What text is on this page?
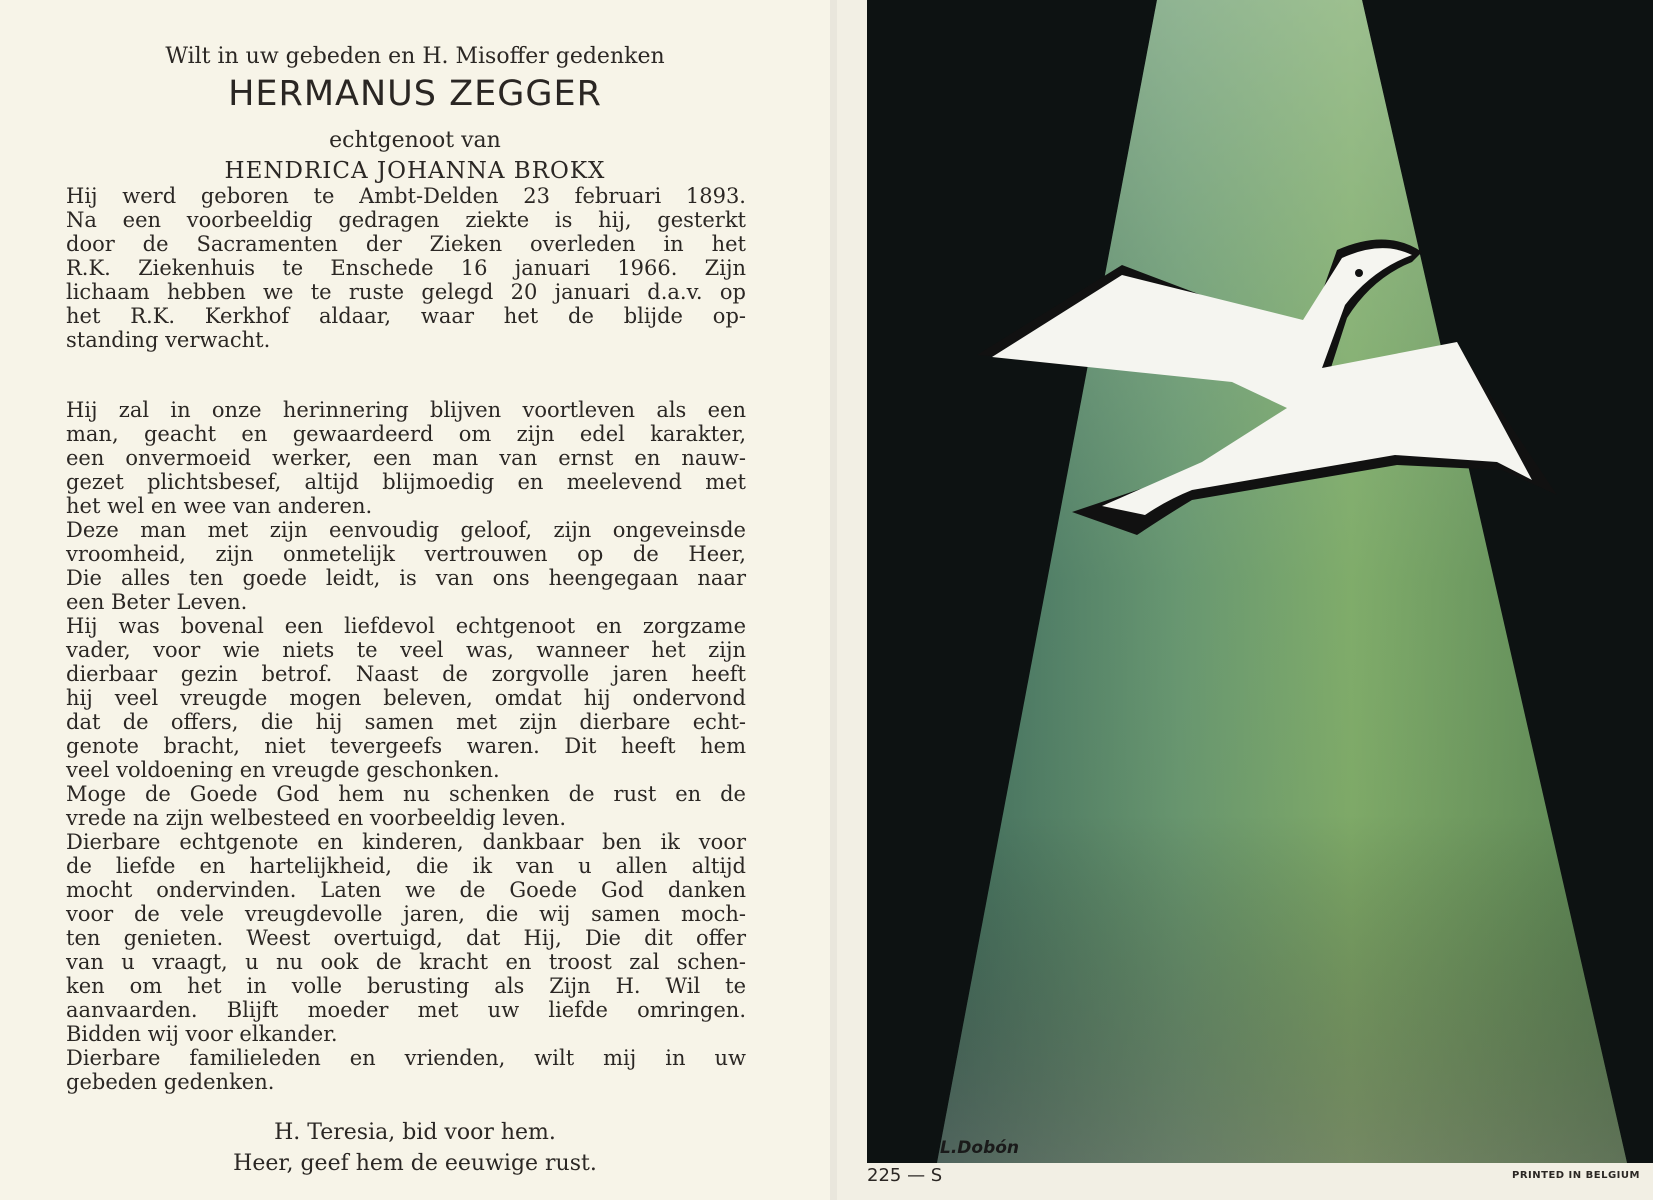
Wilt in uw gebeden en H. Misoffer gedenken
HERMANUS ZEGGER
echtgenoot van
HENDRICA JOHANNA BROKX
Hij werd geboren te Ambt-Delden 23 februari 1893.
Na een voorbeeldig gedragen ziekte is hij, gesterkt
door de Sacramenten der Zieken overleden in het
R.K. Ziekenhuis te Enschede 16 januari 1966. Zijn
lichaam hebben we te ruste gelegd 20 januari d.a.v. op
het R.K. Kerkhof aldaar, waar het de blijde op-
standing verwacht.
Hij zal in onze herinnering blijven voortleven als een
man, geacht en gewaardeerd om zijn edel karakter,
een onvermoeid werker, een man van ernst en nauw-
gezet plichtsbesef, altijd blijmoedig en meelevend met
het wel en wee van anderen.
Deze man met zijn eenvoudig geloof, zijn ongeveinsde
vroomheid, zijn onmetelijk vertrouwen op de Heer,
Die alles ten goede leidt, is van ons heengegaan naar
een Beter Leven.
Hij was bovenal een liefdevol echtgenoot en zorgzame
vader, voor wie niets te veel was, wanneer het zijn
dierbaar gezin betrof. Naast de zorgvolle jaren heeft
hij veel vreugde mogen beleven, omdat hij ondervond
dat de offers, die hij samen met zijn dierbare echt-
genote bracht, niet tevergeefs waren. Dit heeft hem
veel voldoening en vreugde geschonken.
Moge de Goede God hem nu schenken de rust en de
vrede na zijn welbesteed en voorbeeldig leven.
Dierbare echtgenote en kinderen, dankbaar ben ik voor
de liefde en hartelijkheid, die ik van u allen altijd
mocht ondervinden. Laten we de Goede God danken
voor de vele vreugdevolle jaren, die wij samen moch-
ten genieten. Weest overtuigd, dat Hij, Die dit offer
van u vraagt, u nu ook de kracht en troost zal schen-
ken om het in volle berusting als Zijn H. Wil te
aanvaarden. Blijft moeder met uw liefde omringen.
Bidden wij voor elkander.
Dierbare familieleden en vrienden, wilt mij in uw
gebeden gedenken.
H. Teresia, bid voor hem.
Heer, geef hem de eeuwige rust.
L.Dobón
225 — S	PRINTED IN BELGIUM
